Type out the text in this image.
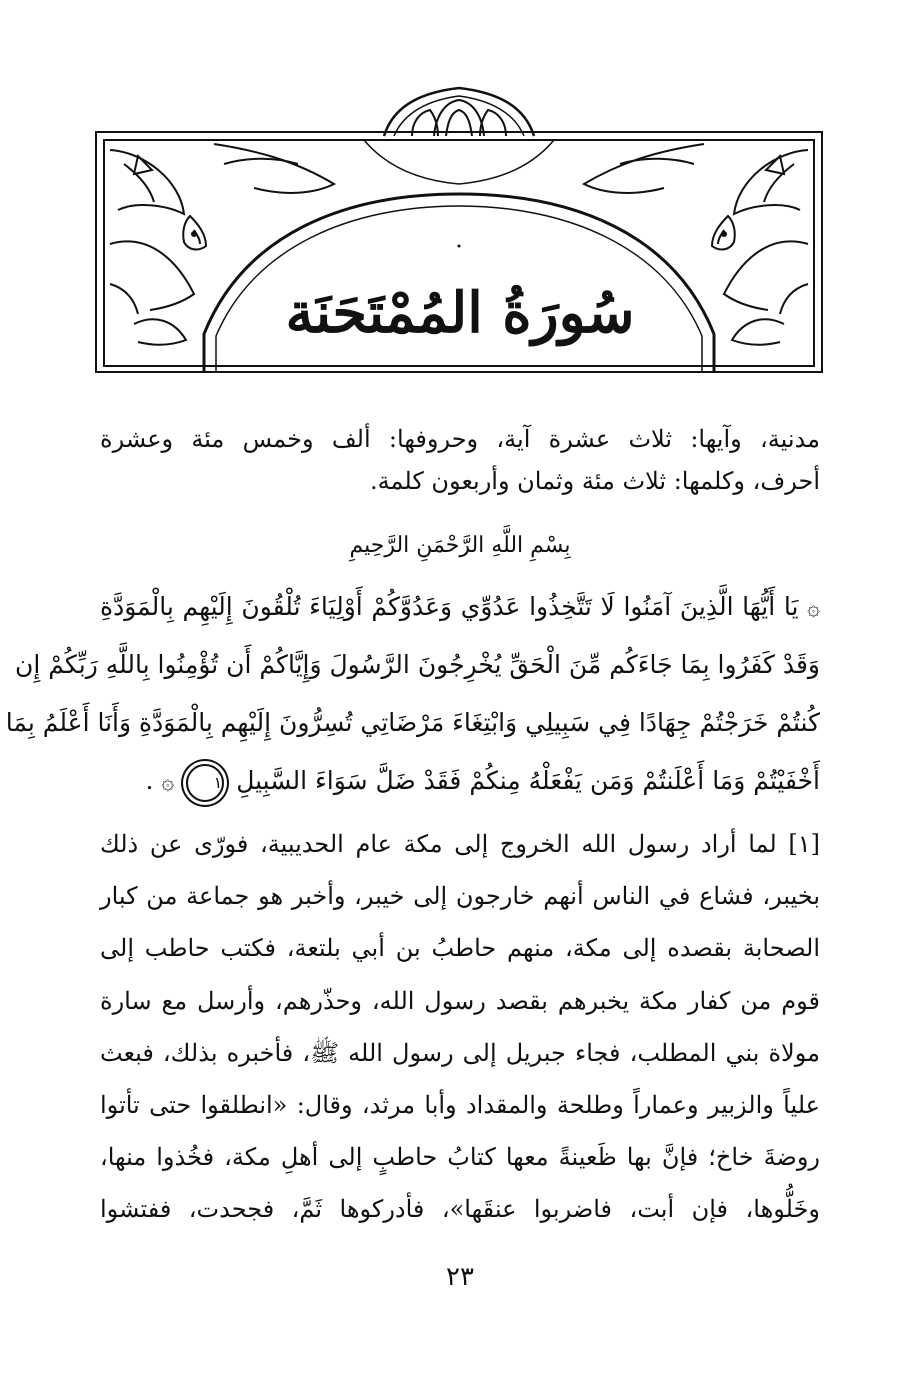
سُورَةُ المُمْتَحَنَة
مدنية، وآيها: ثلاث عشرة آية، وحروفها: ألف وخمس مئة وعشرة
أحرف، وكلمها: ثلاث مئة وثمان وأربعون كلمة.
بِسْمِ اللَّهِ الرَّحْمَنِ الرَّحِيمِ
۞ يَا أَيُّهَا الَّذِينَ آمَنُوا لَا تَتَّخِذُوا عَدُوِّي وَعَدُوَّكُمْ أَوْلِيَاءَ تُلْقُونَ إِلَيْهِم بِالْمَوَدَّةِ
وَقَدْ كَفَرُوا بِمَا جَاءَكُم مِّنَ الْحَقِّ يُخْرِجُونَ الرَّسُولَ وَإِيَّاكُمْ أَن تُؤْمِنُوا بِاللَّهِ رَبِّكُمْ إِن
كُنتُمْ خَرَجْتُمْ جِهَادًا فِي سَبِيلِي وَابْتِغَاءَ مَرْضَاتِي تُسِرُّونَ إِلَيْهِم بِالْمَوَدَّةِ وَأَنَا أَعْلَمُ بِمَا
أَخْفَيْتُمْ وَمَا أَعْلَنتُمْ وَمَن يَفْعَلْهُ مِنكُمْ فَقَدْ ضَلَّ سَوَاءَ السَّبِيلِ ١ ۞ .
[١] لما أراد رسول الله الخروج إلى مكة عام الحديبية، فورّى عن ذلك
بخيبر، فشاع في الناس أنهم خارجون إلى خيبر، وأخبر هو جماعة من كبار
الصحابة بقصده إلى مكة، منهم حاطبُ بن أبي بلتعة، فكتب حاطب إلى
قوم من كفار مكة يخبرهم بقصد رسول الله، وحذّرهم، وأرسل مع سارة
مولاة بني المطلب، فجاء جبريل إلى رسول الله ﷺ، فأخبره بذلك، فبعث
علياً والزبير وعماراً وطلحة والمقداد وأبا مرثد، وقال: «انطلقوا حتى تأتوا
روضةَ خاخ؛ فإنَّ بها ظَعينةً معها كتابُ حاطبٍ إلى أهلِ مكة، فخُذوا منها،
وخَلُّوها، فإن أبت، فاضربوا عنقَها»، فأدركوها ثَمَّ، فجحدت، ففتشوا
٢٣
